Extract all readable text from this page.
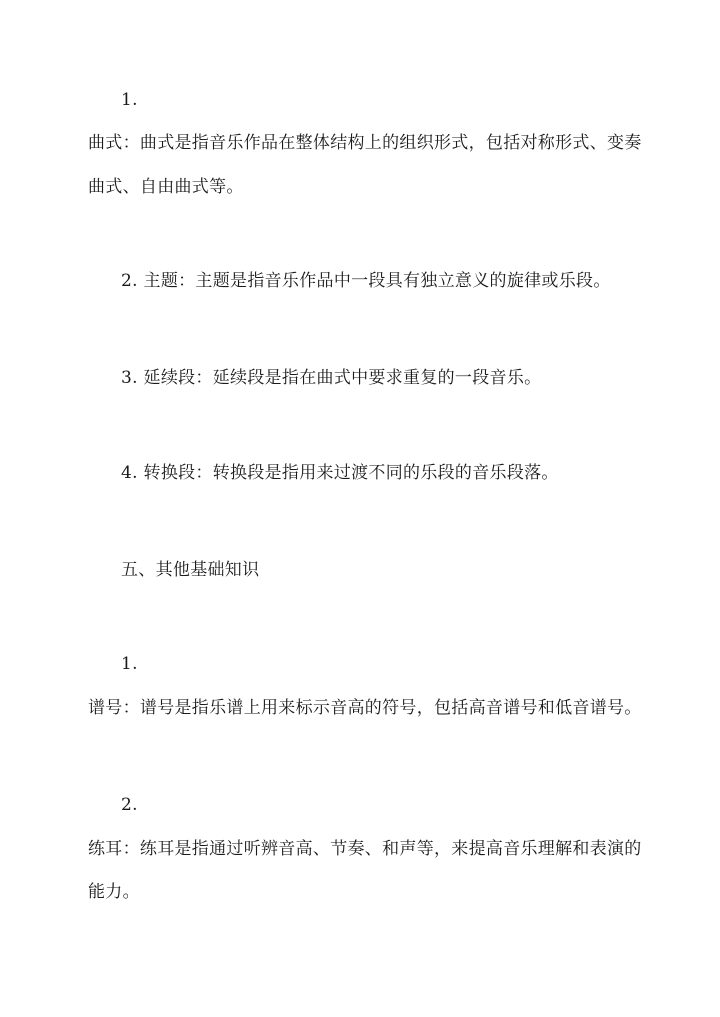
1.
曲式：曲式是指音乐作品在整体结构上的组织形式，包括对称形式、变奏
曲式、自由曲式等。
2. 主题：主题是指音乐作品中一段具有独立意义的旋律或乐段。
3. 延续段：延续段是指在曲式中要求重复的一段音乐。
4. 转换段：转换段是指用来过渡不同的乐段的音乐段落。
五、其他基础知识
1.
谱号：谱号是指乐谱上用来标示音高的符号，包括高音谱号和低音谱号。
2.
练耳：练耳是指通过听辨音高、节奏、和声等，来提高音乐理解和表演的
能力。
